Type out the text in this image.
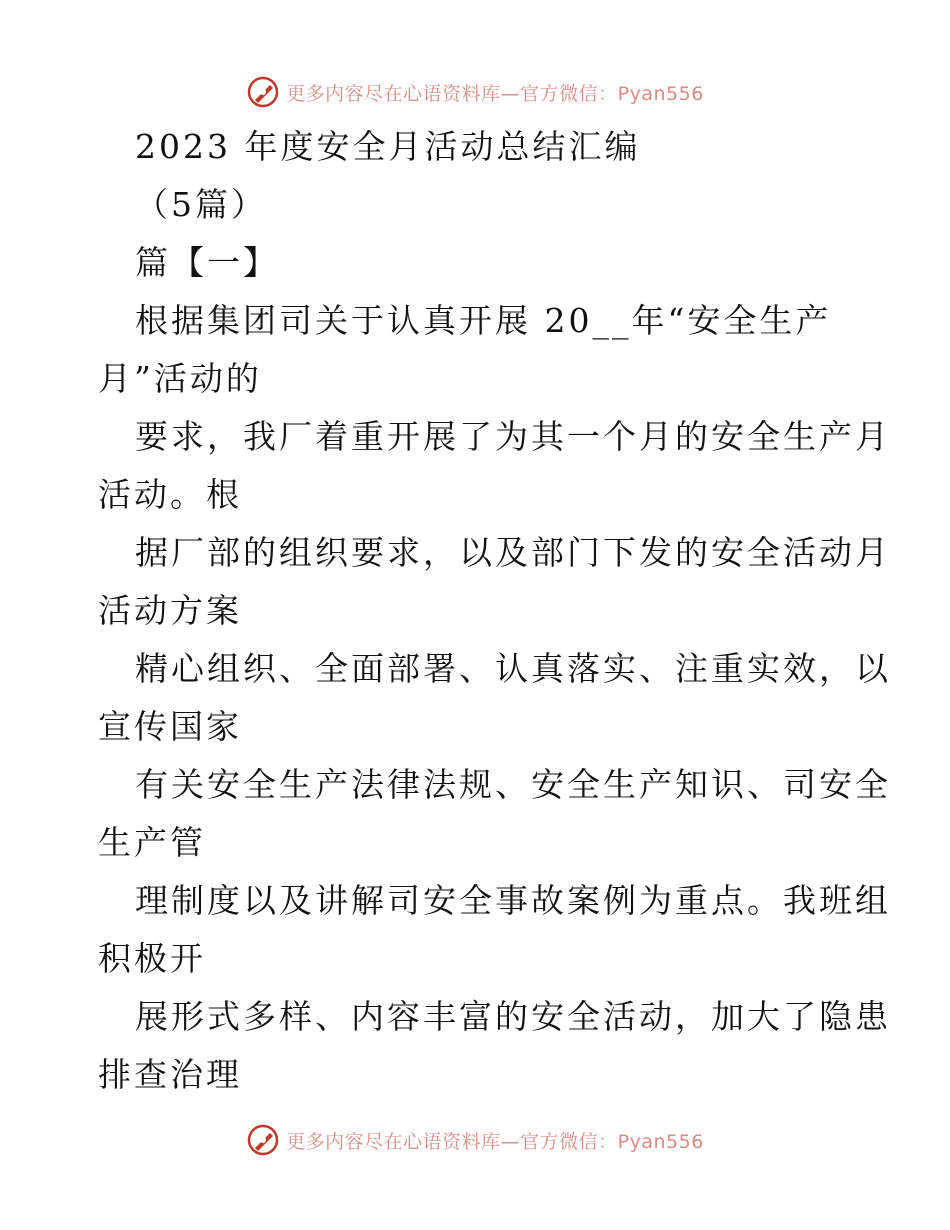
更多内容尽在心语资料库—官方微信：Pyan556
2023 年度安全月活动总结汇编
（5篇）
篇【一】
根据集团司关于认真开展 20__年“安全生产
月”活动的
要求，我厂着重开展了为其一个月的安全生产月
活动。根
据厂部的组织要求，以及部门下发的安全活动月
活动方案
精心组织、全面部署、认真落实、注重实效，以
宣传国家
有关安全生产法律法规、安全生产知识、司安全
生产管
理制度以及讲解司安全事故案例为重点。我班组
积极开
展形式多样、内容丰富的安全活动，加大了隐患
排查治理
更多内容尽在心语资料库—官方微信：Pyan556
